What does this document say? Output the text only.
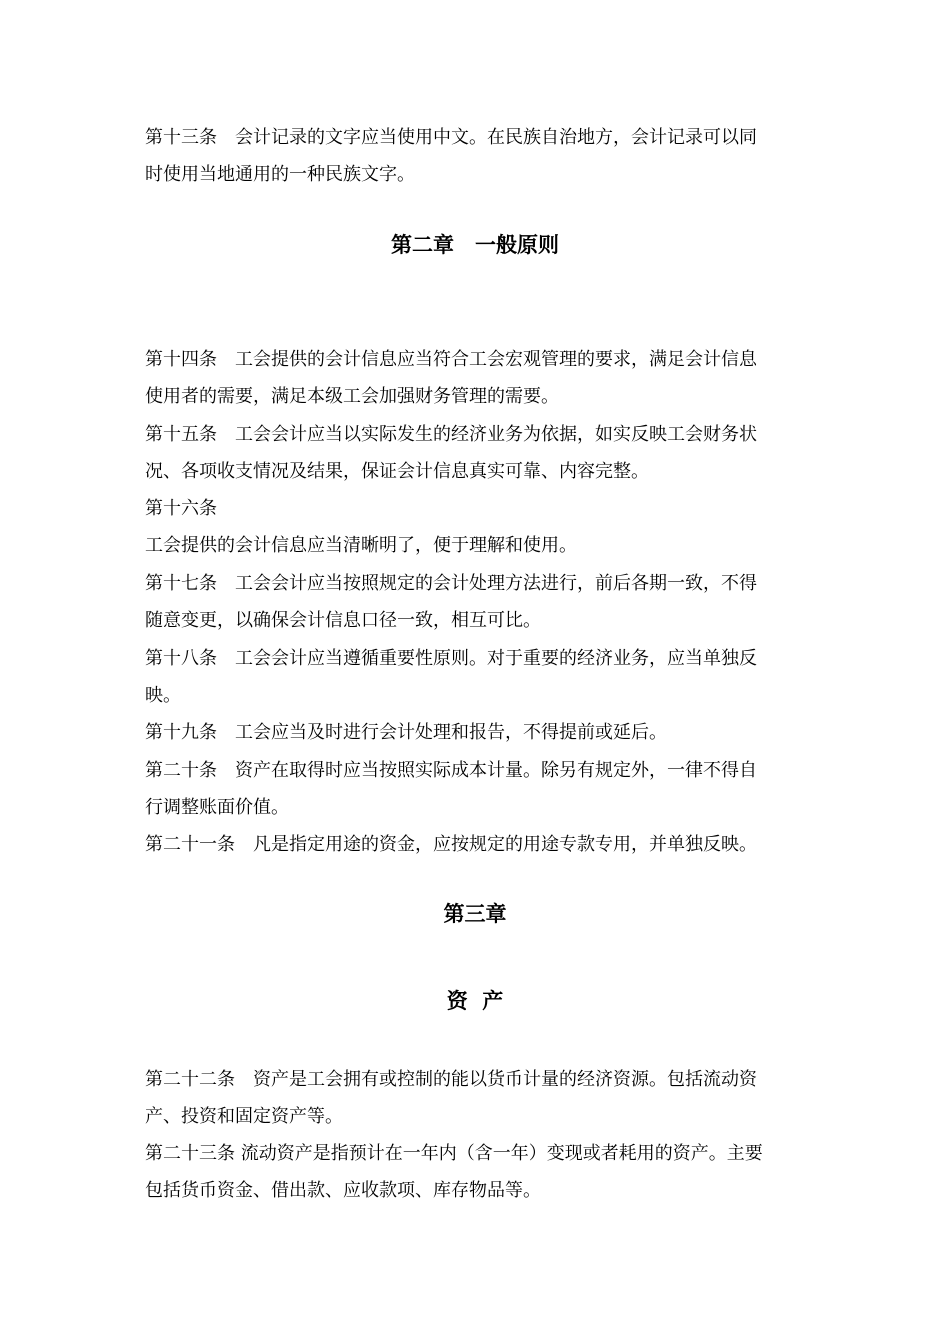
第十三条　会计记录的文字应当使用中文。在民族自治地方，会计记录可以同
时使用当地通用的一种民族文字。

第二章　一般原则

第十四条　工会提供的会计信息应当符合工会宏观管理的要求，满足会计信息
使用者的需要，满足本级工会加强财务管理的需要。

第十五条　工会会计应当以实际发生的经济业务为依据，如实反映工会财务状
况、各项收支情况及结果，保证会计信息真实可靠、内容完整。

第十六条
工会提供的会计信息应当清晰明了，便于理解和使用。

第十七条　工会会计应当按照规定的会计处理方法进行，前后各期一致，不得
随意变更，以确保会计信息口径一致，相互可比。

第十八条　工会会计应当遵循重要性原则。对于重要的经济业务，应当单独反
映。

第十九条　工会应当及时进行会计处理和报告，不得提前或延后。

第二十条　资产在取得时应当按照实际成本计量。除另有规定外，一律不得自
行调整账面价值。

第二十一条　凡是指定用途的资金，应按规定的用途专款专用，并单独反映。

第三章
资  产

第二十二条　资产是工会拥有或控制的能以货币计量的经济资源。包括流动资
产、投资和固定资产等。

第二十三条 流动资产是指预计在一年内（含一年）变现或者耗用的资产。主要
包括货币资金、借出款、应收款项、库存物品等。
